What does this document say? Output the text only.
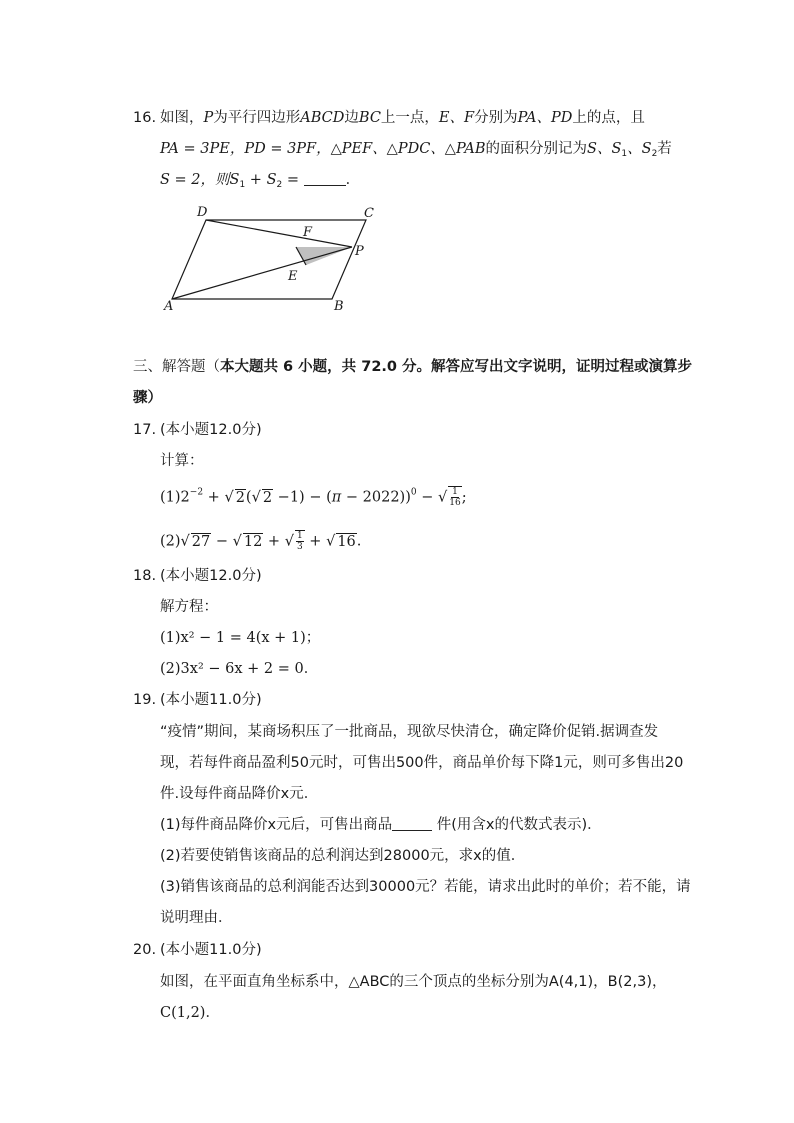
16. 如图，P为平行四边形ABCD边BC上一点，E、F分别为PA、PD上的点，且
PA = 3PE，PD = 3PF，△PEF、△PDC、△PAB的面积分别记为S、$S_1$、$S_2$若
S = 2，则$S_1 + S_2$ =	．
D	C
F
P
E
A	B
三、解答题（本大题共 6 小题，共 72.0 分。解答应写出文字说明，证明过程或演算步
骤）
17. (本小题12.0分)
计算：
$(1)2^{-2}$ + √ 2(√ 2 −1) − (π − 2022))$^0$ − √ $\frac{1}{16}$ ;
(2)√ 27 − √ 12 + √ $\frac{1}{3}$ + √ 16.
18. (本小题12.0分)
解方程：
(1)x² − 1 = 4(x + 1)；
(2)3x² − 6x + 2 = 0．
19. (本小题11.0分)
“疫情”期间，某商场积压了一批商品，现欲尽快清仓，确定降价促销.据调查发
现，若每件商品盈利50元时，可售出500件，商品单价每下降1元，则可多售出20
件.设每件商品降价x元．
(1)每件商品降价x元后，可售出商品	件(用含x的代数式表示)．
(2)若要使销售该商品的总利润达到28000元，求x的值．
(3)销售该商品的总利润能否达到30000元？若能，请求出此时的单价；若不能，请
说明理由．
20. (本小题11.0分)
如图，在平面直角坐标系中，△ABC的三个顶点的坐标分别为A(4,1)，B(2,3)，
C(1,2)．
